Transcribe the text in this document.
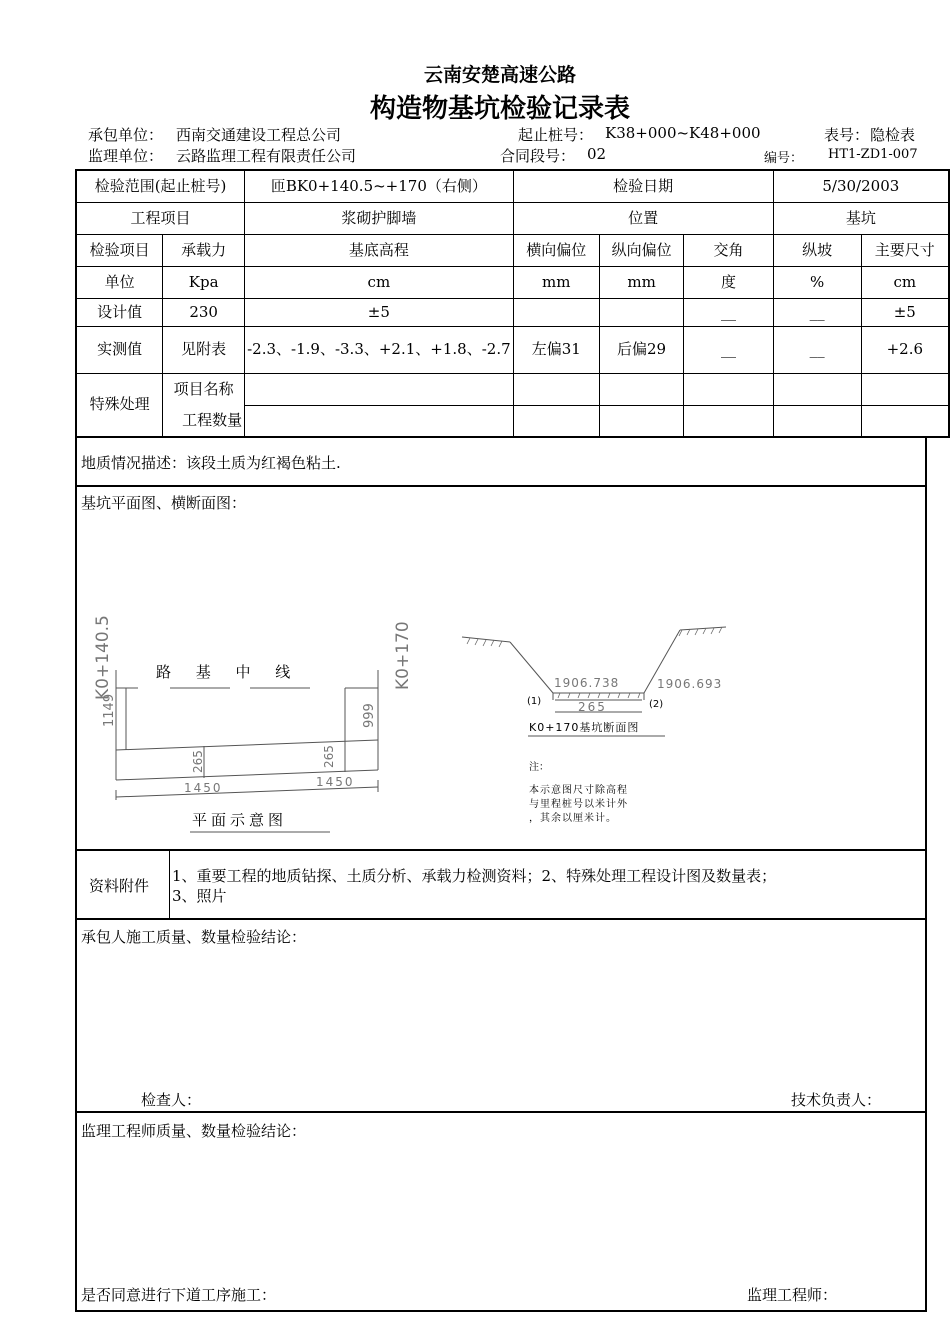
云南安楚高速公路
构造物基坑检验记录表
承包单位： 西南交通建设工程总公司	起止桩号： K38+000~K48+000	表号： 隐检表
监理单位： 云路监理工程有限责任公司	合同段号： 02	编号： HT1-ZD1-007
检验范围(起止桩号)		匝BK0+140.5~+170（右侧）	检验日期			5/30/2003	
工程项目		浆砌护脚墙	位置			基坑	
检验项目	承载力	基底高程	横向偏位	纵向偏位	交角	纵坡	主要尺寸
单位	Kpa	cm	mm	mm	度	%	cm
设计值	230	±5			__	__	±5
实测值	见附表	-2.3、-1.9、-3.3、+2.1、+1.8、-2.7	左偏31	后偏29	__	__	+2.6
特殊处理	项目名称						
	工程数量						
地质情况描述：该段土质为红褐色粘土.
基坑平面图、横断面图：
K0+140.5	K0+170
路 基 中 线
1149	999
265	265
1450	1450
平面示意图
1906.738	1906.693
265
(1)	(2)
K0+170基坑断面图
注：
本示意图尺寸除高程
与里程桩号以米计外
，其余以厘米计。
资料附件
1、重要工程的地质钻探、土质分析、承载力检测资料；2、特殊处理工程设计图及数量表；
3、照片
承包人施工质量、数量检验结论：
检查人：	技术负责人：
监理工程师质量、数量检验结论：
是否同意进行下道工序施工：	监理工程师：
